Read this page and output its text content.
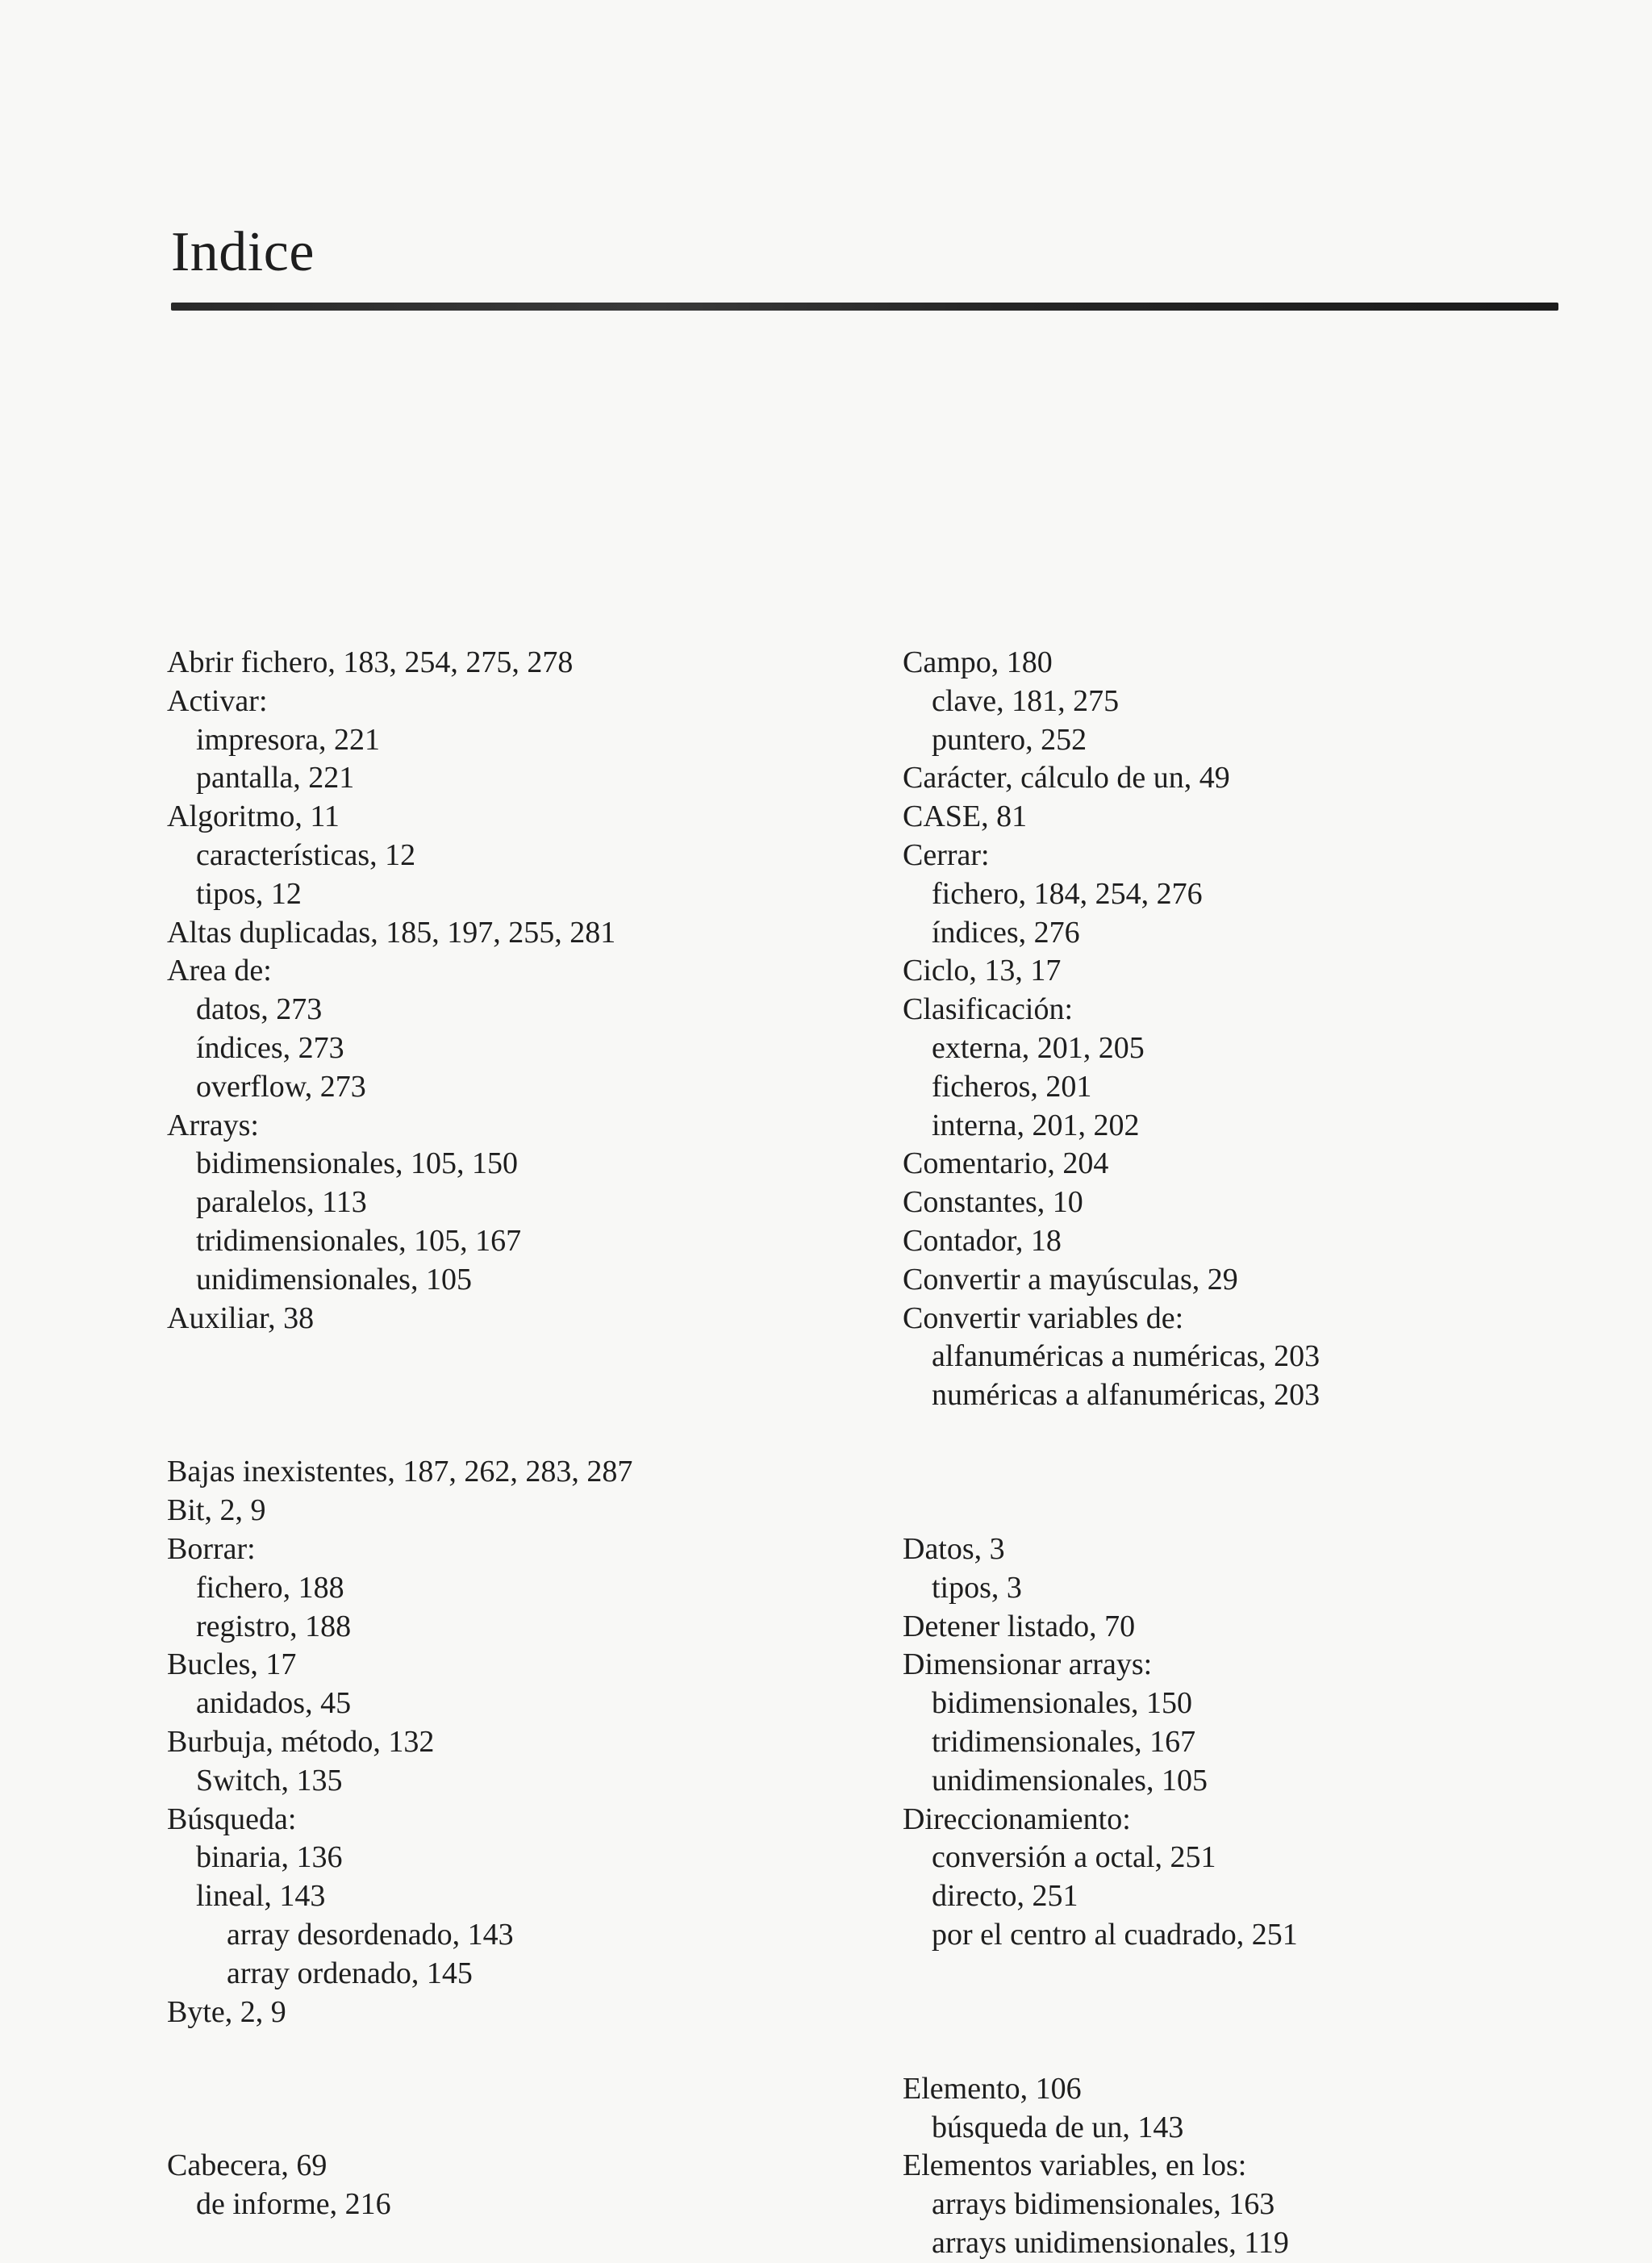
Indice
Abrir fichero, 183, 254, 275, 278
Activar:
impresora, 221
pantalla, 221
Algoritmo, 11
características, 12
tipos, 12
Altas duplicadas, 185, 197, 255, 281
Area de:
datos, 273
índices, 273
overflow, 273
Arrays:
bidimensionales, 105, 150
paralelos, 113
tridimensionales, 105, 167
unidimensionales, 105
Auxiliar, 38
Bajas inexistentes, 187, 262, 283, 287
Bit, 2, 9
Borrar:
fichero, 188
registro, 188
Bucles, 17
anidados, 45
Burbuja, método, 132
Switch, 135
Búsqueda:
binaria, 136
lineal, 143
array desordenado, 143
array ordenado, 145
Byte, 2, 9
Cabecera, 69
de informe, 216
Campo, 180
clave, 181, 275
puntero, 252
Carácter, cálculo de un, 49
CASE, 81
Cerrar:
fichero, 184, 254, 276
índices, 276
Ciclo, 13, 17
Clasificación:
externa, 201, 205
ficheros, 201
interna, 201, 202
Comentario, 204
Constantes, 10
Contador, 18
Convertir a mayúsculas, 29
Convertir variables de:
alfanuméricas a numéricas, 203
numéricas a alfanuméricas, 203
Datos, 3
tipos, 3
Detener listado, 70
Dimensionar arrays:
bidimensionales, 150
tridimensionales, 167
unidimensionales, 105
Direccionamiento:
conversión a octal, 251
directo, 251
por el centro al cuadrado, 251
Elemento, 106
búsqueda de un, 143
Elementos variables, en los:
arrays bidimensionales, 163
arrays unidimensionales, 119
